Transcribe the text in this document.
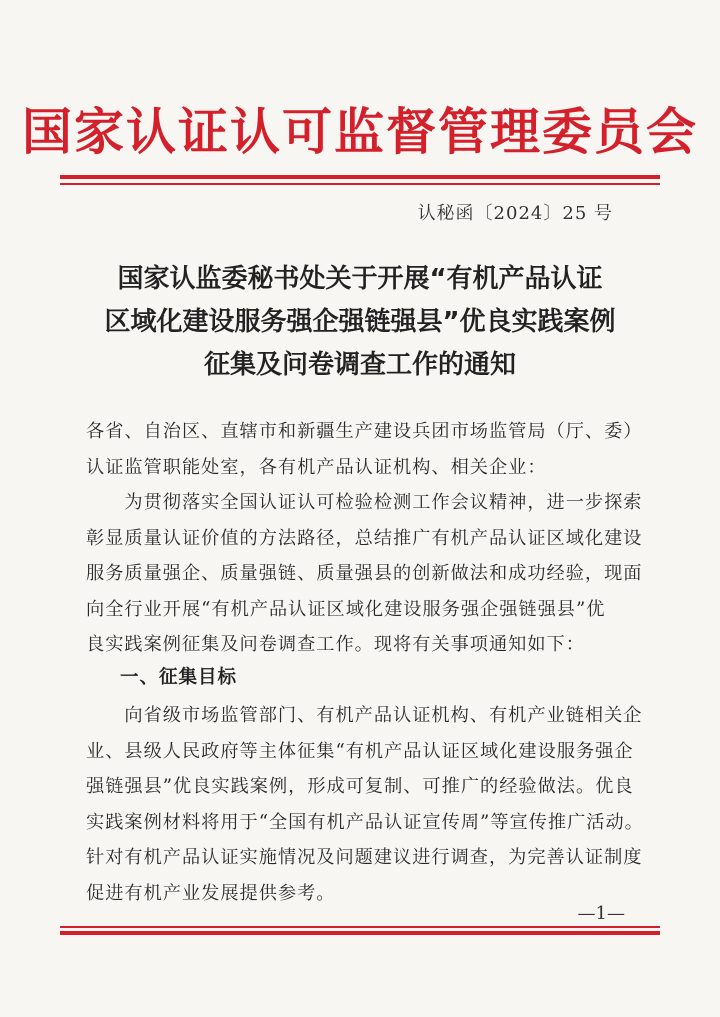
国家认证认可监督管理委员会
认秘函〔2024〕25 号
国家认监委秘书处关于开展“有机产品认证
区域化建设服务强企强链强县”优良实践案例
征集及问卷调查工作的通知
各省、自治区、直辖市和新疆生产建设兵团市场监管局（厅、委）
认证监管职能处室，各有机产品认证机构、相关企业：
　　为贯彻落实全国认证认可检验检测工作会议精神，进一步探索
彰显质量认证价值的方法路径，总结推广有机产品认证区域化建设
服务质量强企、质量强链、质量强县的创新做法和成功经验，现面
向全行业开展“有机产品认证区域化建设服务强企强链强县”优
良实践案例征集及问卷调查工作。现将有关事项通知如下：
一、征集目标
　　向省级市场监管部门、有机产品认证机构、有机产业链相关企
业、县级人民政府等主体征集“有机产品认证区域化建设服务强企
强链强县”优良实践案例，形成可复制、可推广的经验做法。优良
实践案例材料将用于“全国有机产品认证宣传周”等宣传推广活动。
针对有机产品认证实施情况及问题建议进行调查，为完善认证制度
促进有机产业发展提供参考。
—1—
